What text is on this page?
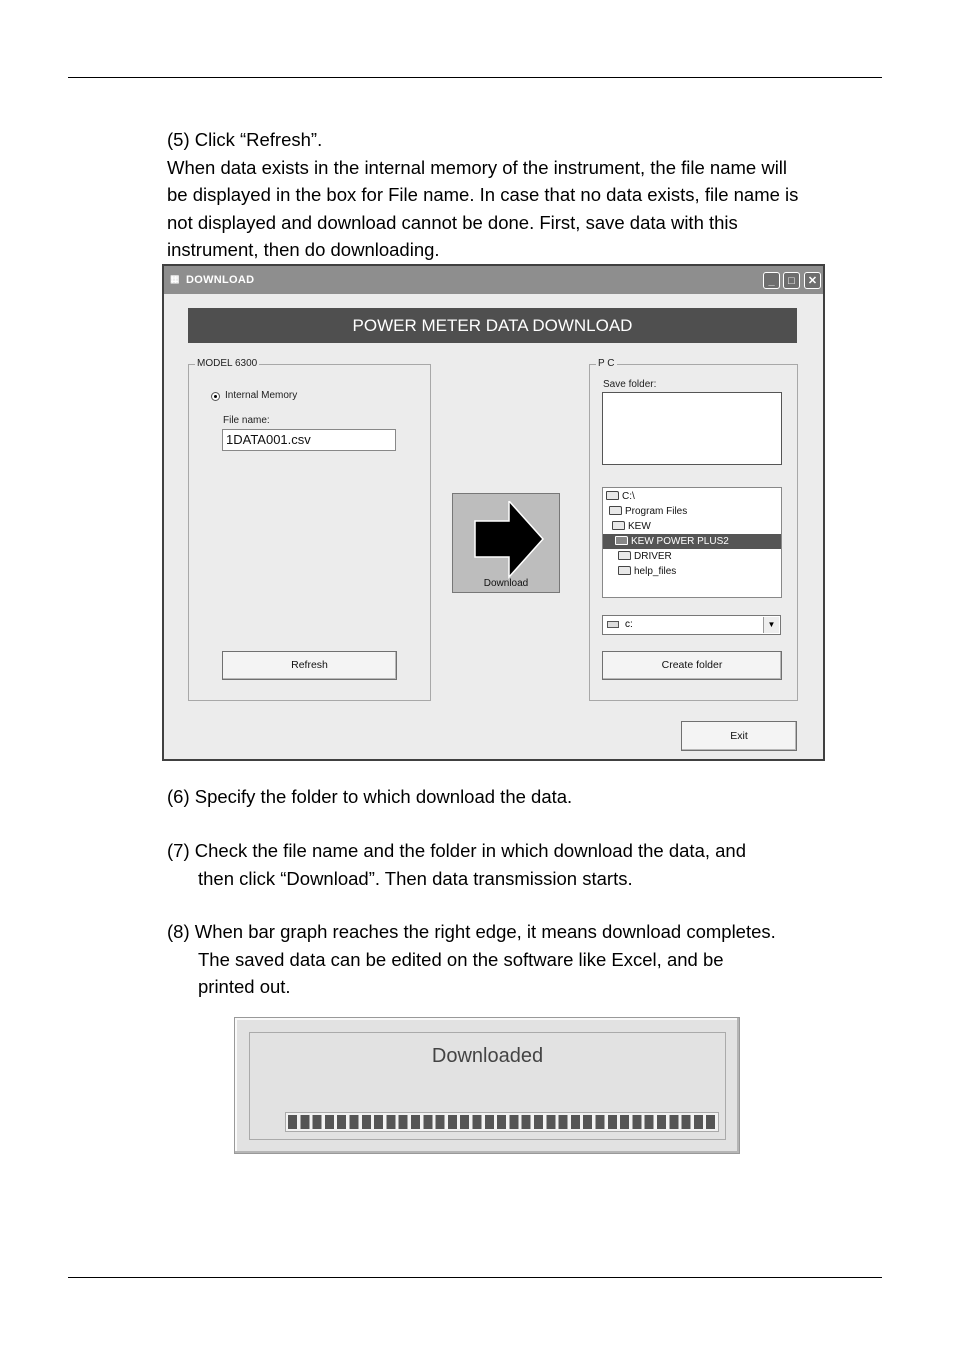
(5) Click “Refresh”.
When data exists in the internal memory of the instrument, the file name will
be displayed in the box for File name. In case that no data exists, file name is
not displayed and download cannot be done. First, save data with this
instrument, then do downloading.

▦ DOWNLOAD	_	□	✕
POWER METER DATA DOWNLOAD
MODEL 6300
Internal Memory
File name:
1DATA001.csv
Refresh
Download
P C
Save folder:
C:\
Program Files
KEW
KEW POWER PLUS2
DRIVER
help_files
c:	▼
Create folder
Exit

(6) Specify the folder to which download the data.

(7) Check the file name and the folder in which download the data, and
then click “Download”. Then data transmission starts.

(8) When bar graph reaches the right edge, it means download completes.
The saved data can be edited on the software like Excel, and be
printed out.

Downloaded
